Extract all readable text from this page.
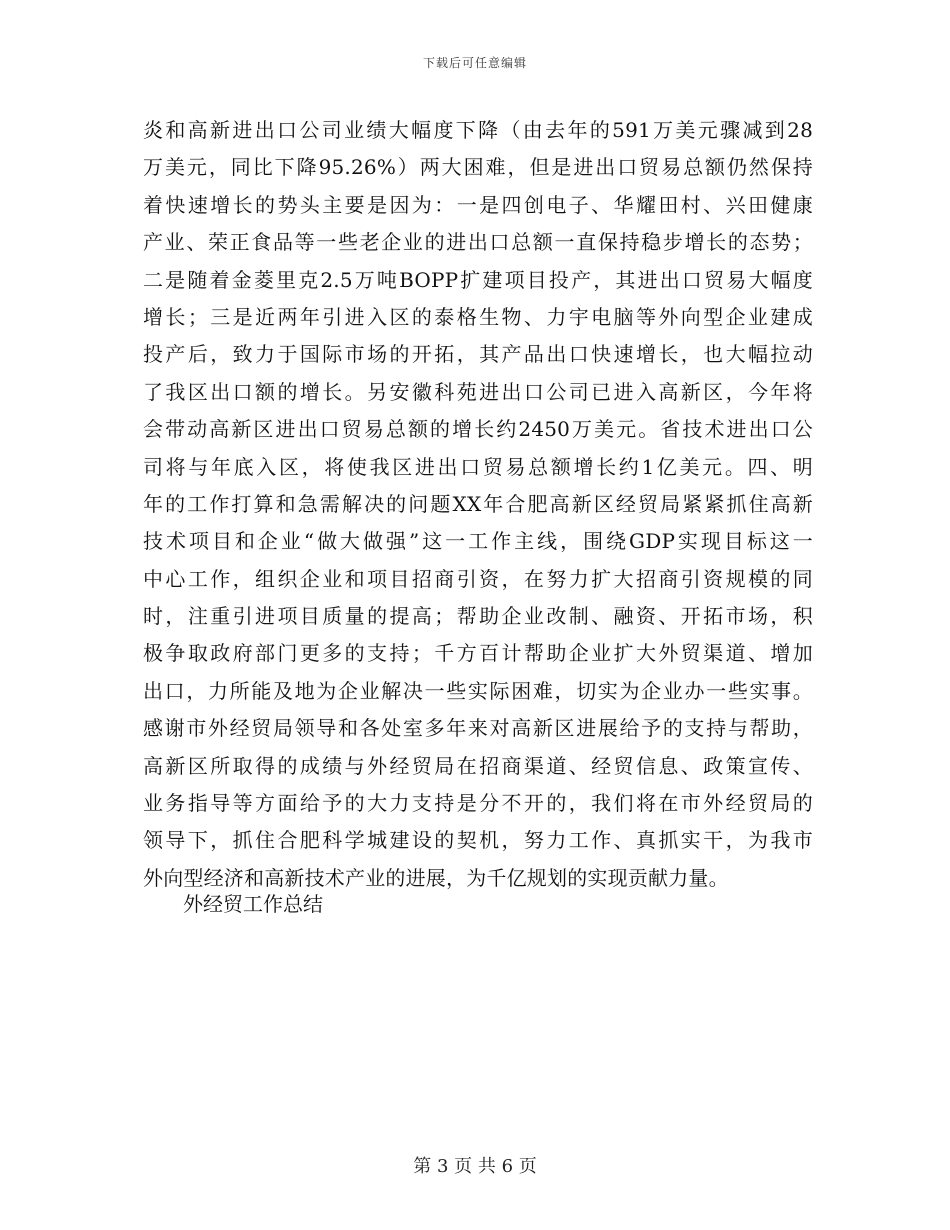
下载后可任意编辑
炎和高新进出口公司业绩大幅度下降（由去年的591万美元骤减到28
万美元，同比下降95.26%）两大困难，但是进出口贸易总额仍然保持
着快速增长的势头主要是因为：一是四创电子、华耀田村、兴田健康
产业、荣正食品等一些老企业的进出口总额一直保持稳步增长的态势；
二是随着金菱里克2.5万吨BOPP扩建项目投产，其进出口贸易大幅度
增长；三是近两年引进入区的泰格生物、力宇电脑等外向型企业建成
投产后，致力于国际市场的开拓，其产品出口快速增长，也大幅拉动
了我区出口额的增长。另安徽科苑进出口公司已进入高新区，今年将
会带动高新区进出口贸易总额的增长约2450万美元。省技术进出口公
司将与年底入区，将使我区进出口贸易总额增长约1亿美元。四、明
年的工作打算和急需解决的问题XX年合肥高新区经贸局紧紧抓住高新
技术项目和企业“做大做强”这一工作主线，围绕GDP实现目标这一
中心工作，组织企业和项目招商引资，在努力扩大招商引资规模的同
时，注重引进项目质量的提高；帮助企业改制、融资、开拓市场，积
极争取政府部门更多的支持；千方百计帮助企业扩大外贸渠道、增加
出口，力所能及地为企业解决一些实际困难，切实为企业办一些实事。
感谢市外经贸局领导和各处室多年来对高新区进展给予的支持与帮助，
高新区所取得的成绩与外经贸局在招商渠道、经贸信息、政策宣传、
业务指导等方面给予的大力支持是分不开的，我们将在市外经贸局的
领导下，抓住合肥科学城建设的契机，努力工作、真抓实干，为我市
外向型经济和高新技术产业的进展，为千亿规划的实现贡献力量。
外经贸工作总结
第 3 页 共 6 页
